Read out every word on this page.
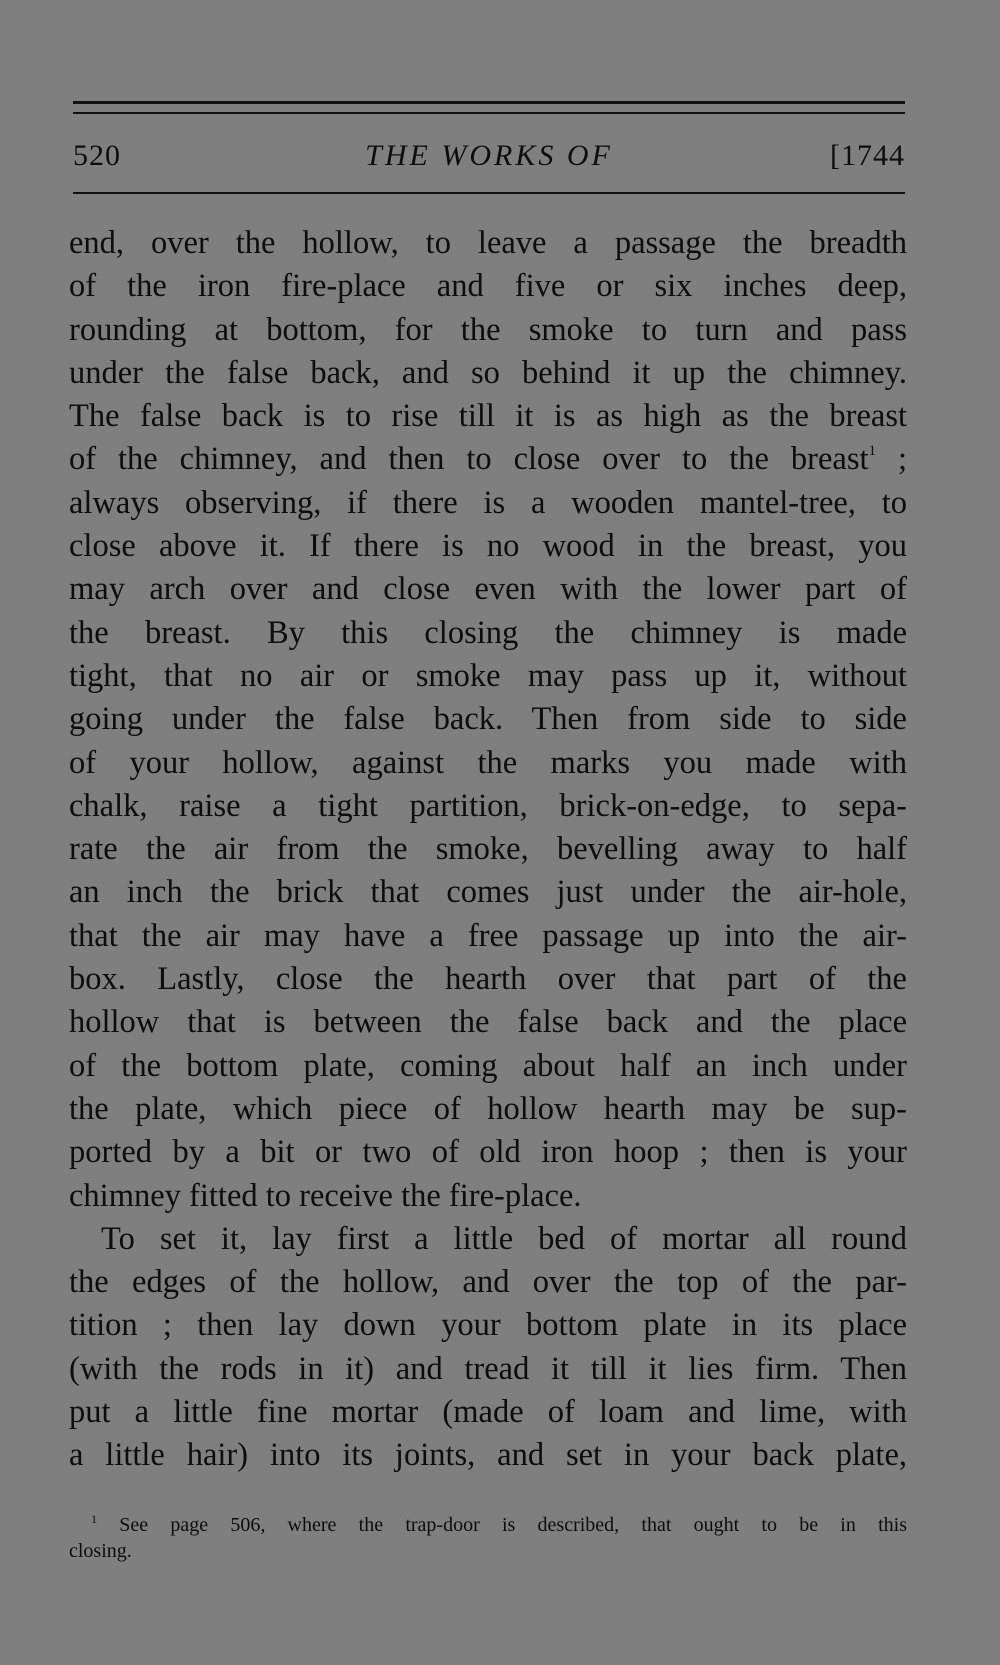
520	THE WORKS OF	[1744
end, over the hollow, to leave a passage the breadth
of the iron fire-place and five or six inches deep,
rounding at bottom, for the smoke to turn and pass
under the false back, and so behind it up the chimney.
The false back is to rise till it is as high as the breast
of the chimney, and then to close over to the breast$^1$ ;
always observing, if there is a wooden mantel-tree, to
close above it. If there is no wood in the breast, you
may arch over and close even with the lower part of
the breast. By this closing the chimney is made
tight, that no air or smoke may pass up it, without
going under the false back. Then from side to side
of your hollow, against the marks you made with
chalk, raise a tight partition, brick-on-edge, to sepa-
rate the air from the smoke, bevelling away to half
an inch the brick that comes just under the air-hole,
that the air may have a free passage up into the air-
box. Lastly, close the hearth over that part of the
hollow that is between the false back and the place
of the bottom plate, coming about half an inch under
the plate, which piece of hollow hearth may be sup-
ported by a bit or two of old iron hoop ; then is your
chimney fitted to receive the fire-place.
To set it, lay first a little bed of mortar all round
the edges of the hollow, and over the top of the par-
tition ; then lay down your bottom plate in its place
(with the rods in it) and tread it till it lies firm. Then
put a little fine mortar (made of loam and lime, with
a little hair) into its joints, and set in your back plate,
$^1$ See page 506, where the trap-door is described, that ought to be in this
closing.
